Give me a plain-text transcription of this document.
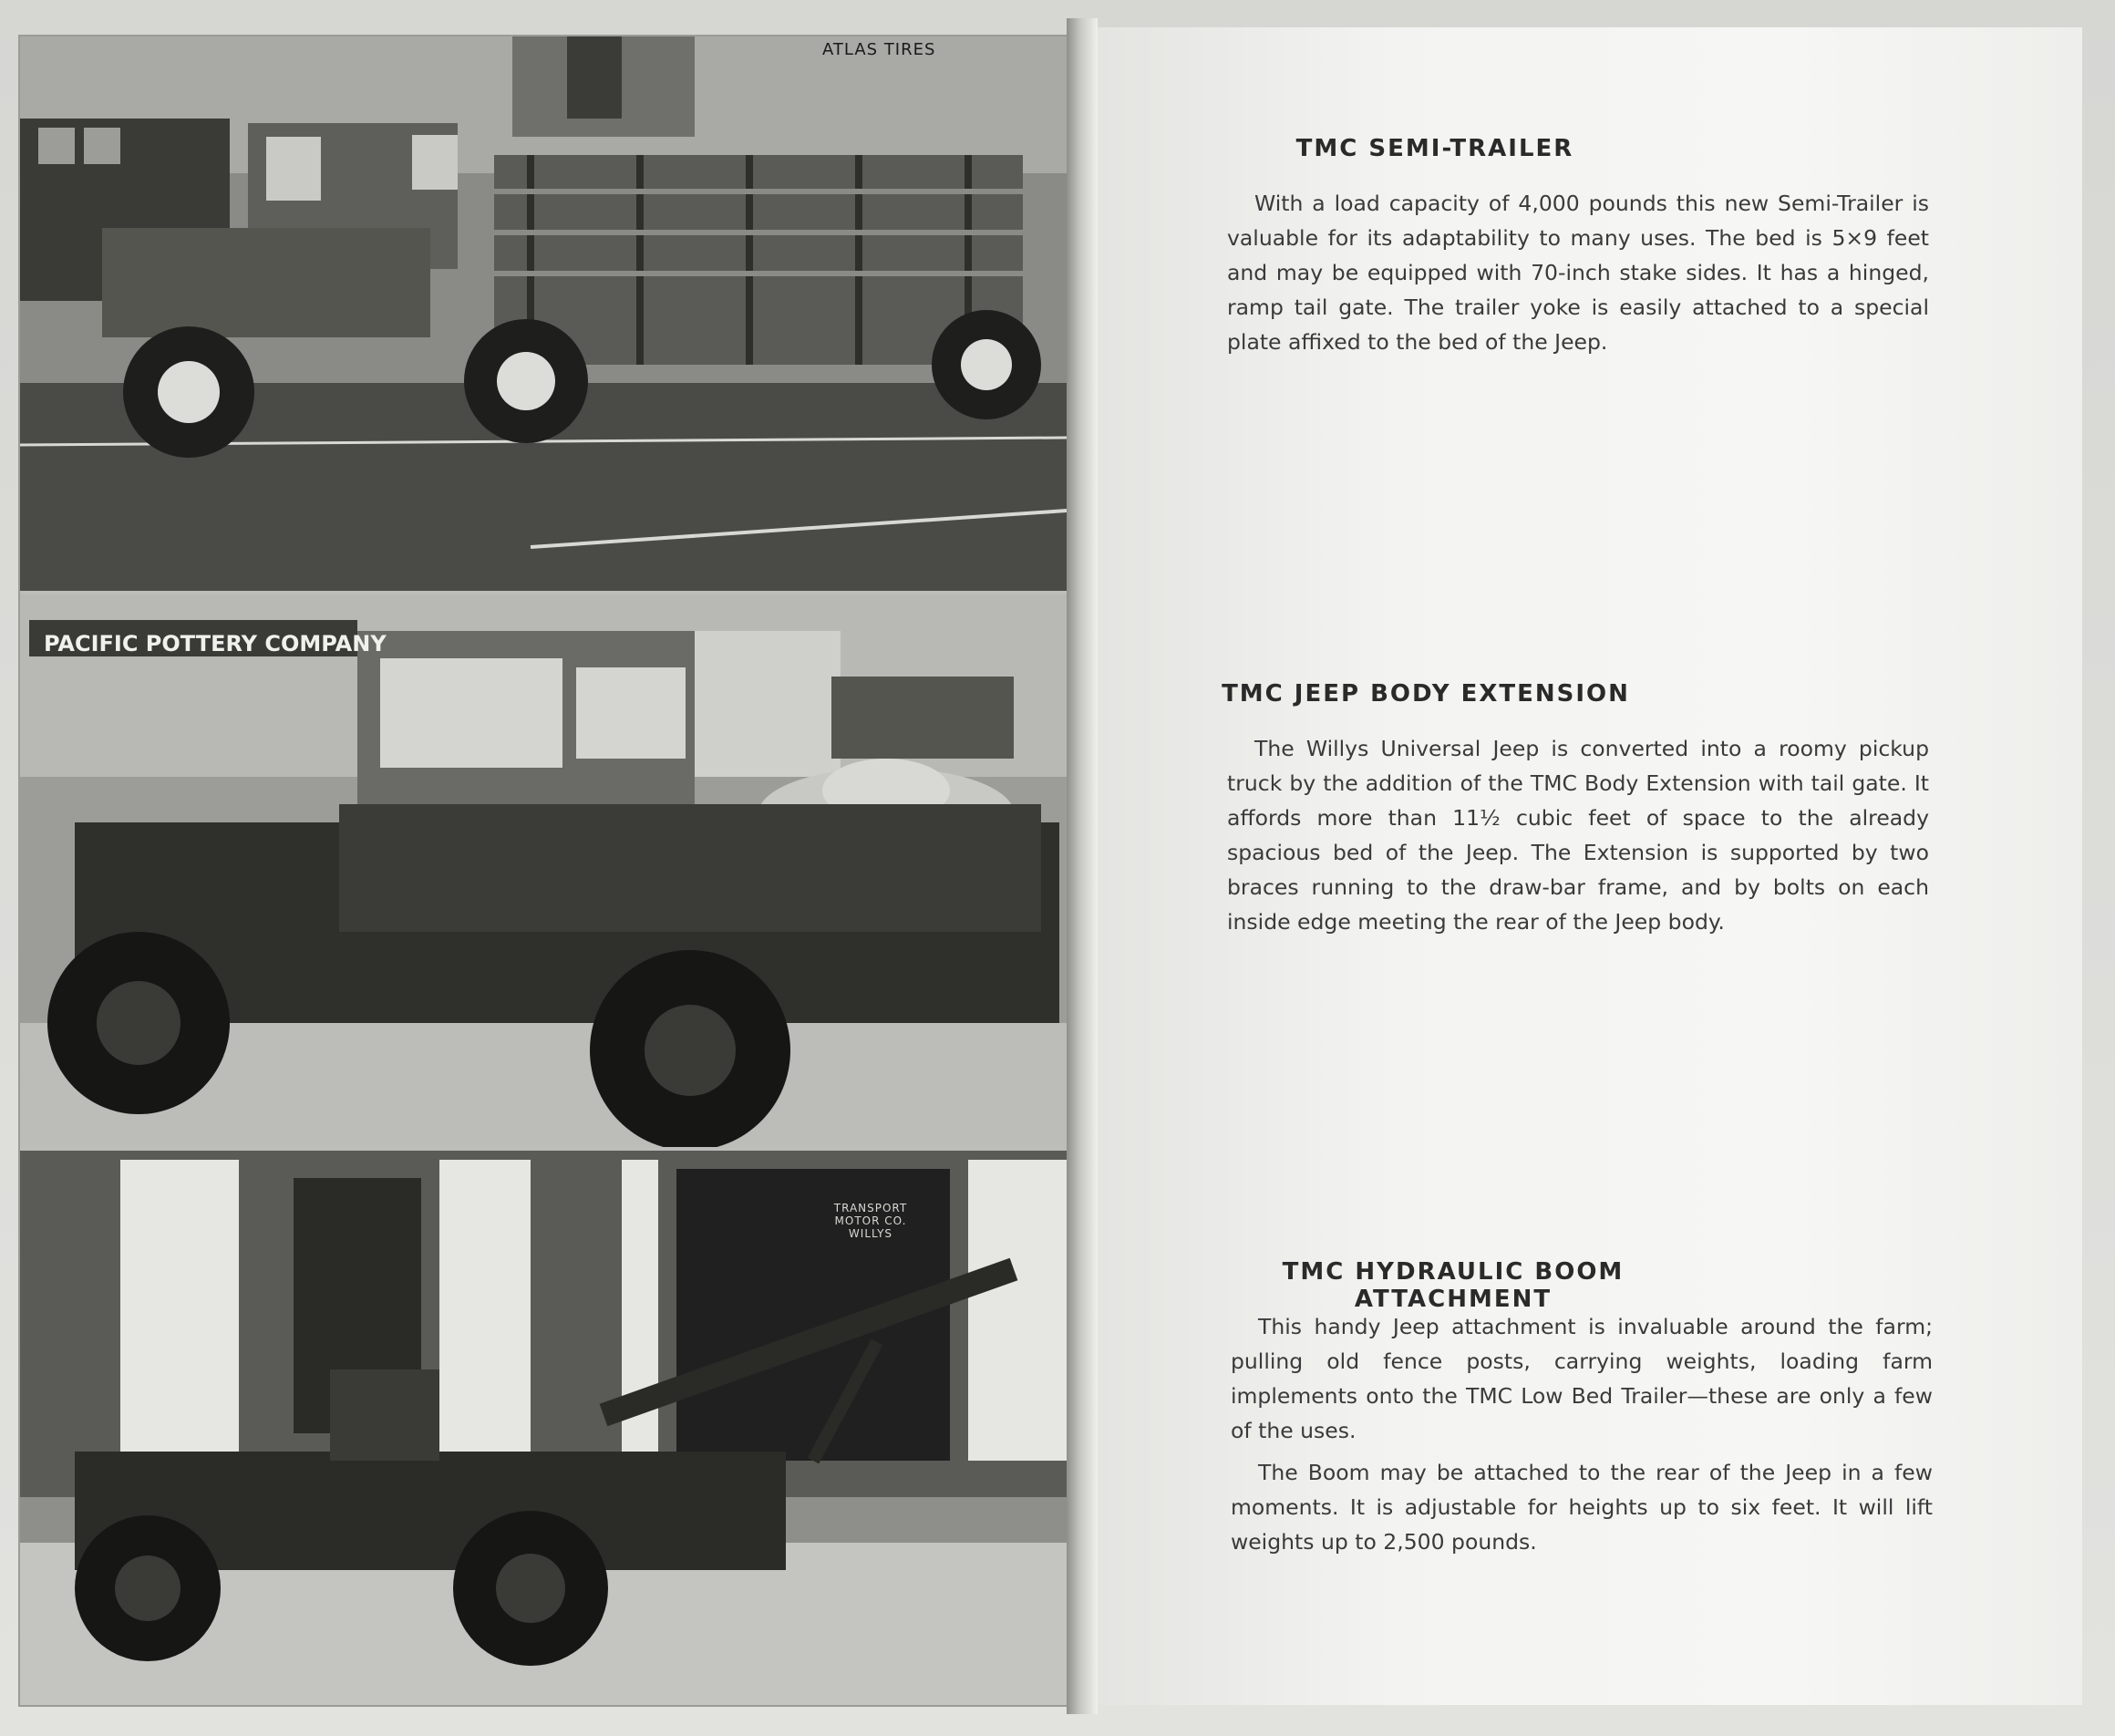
ATLAS TIRES
PACIFIC POTTERY COMPANY
TRANSPORT MOTOR CO. WILLYS
TMC SEMI-TRAILER

With a load capacity of 4,000 pounds this new Semi-Trailer is valuable for its adaptability to many uses. The bed is 5×9 feet and may be equipped with 70-inch stake sides. It has a hinged, ramp tail gate. The trailer yoke is easily attached to a special plate affixed to the bed of the Jeep.

TMC JEEP BODY EXTENSION

The Willys Universal Jeep is converted into a roomy pickup truck by the addition of the TMC Body Extension with tail gate. It affords more than 11½ cubic feet of space to the already spacious bed of the Jeep. The Extension is supported by two braces running to the draw-bar frame, and by bolts on each inside edge meeting the rear of the Jeep body.

TMC HYDRAULIC BOOM ATTACHMENT

This handy Jeep attachment is invaluable around the farm; pulling old fence posts, carrying weights, loading farm implements onto the TMC Low Bed Trailer—these are only a few of the uses.

The Boom may be attached to the rear of the Jeep in a few moments. It is adjustable for heights up to six feet. It will lift weights up to 2,500 pounds.
